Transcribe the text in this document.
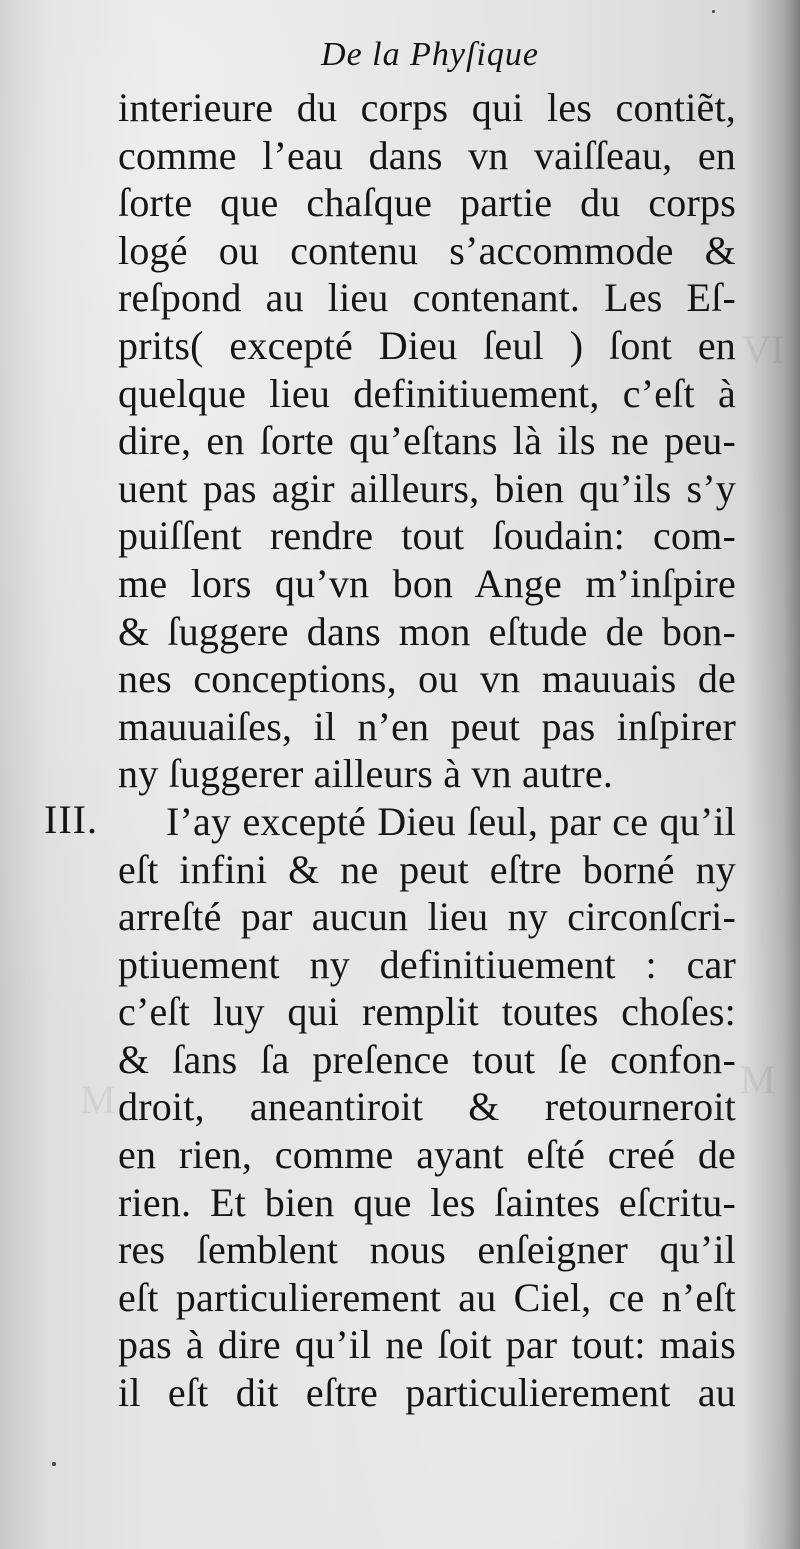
VI
M
M
De la Phyſique
III.
interieure du corps qui les contiẽt,
comme l’eau dans vn vaiſſeau, en
ſorte que chaſque partie du corps
logé ou contenu s’accommode &
reſpond au lieu contenant. Les Eſ-
prits( excepté Dieu ſeul ) ſont en
quelque lieu definitiuement, c’eſt à
dire, en ſorte qu’eſtans là ils ne peu-
uent pas agir ailleurs, bien qu’ils s’y
puiſſent rendre tout ſoudain: com-
me lors qu’vn bon Ange m’inſpire
& ſuggere dans mon eſtude de bon-
nes conceptions, ou vn mauuais de
mauuaiſes, il n’en peut pas inſpirer
ny ſuggerer ailleurs à vn autre.
I’ay excepté Dieu ſeul, par ce qu’il
eſt infini & ne peut eſtre borné ny
arreſté par aucun lieu ny circonſcri-
ptiuement ny definitiuement : car
c’eſt luy qui remplit toutes choſes:
& ſans ſa preſence tout ſe confon-
droit, aneantiroit & retourneroit
en rien, comme ayant eſté creé de
rien. Et bien que les ſaintes eſcritu-
res ſemblent nous enſeigner qu’il
eſt particulierement au Ciel, ce n’eſt
pas à dire qu’il ne ſoit par tout: mais
il eſt dit eſtre particulierement au
